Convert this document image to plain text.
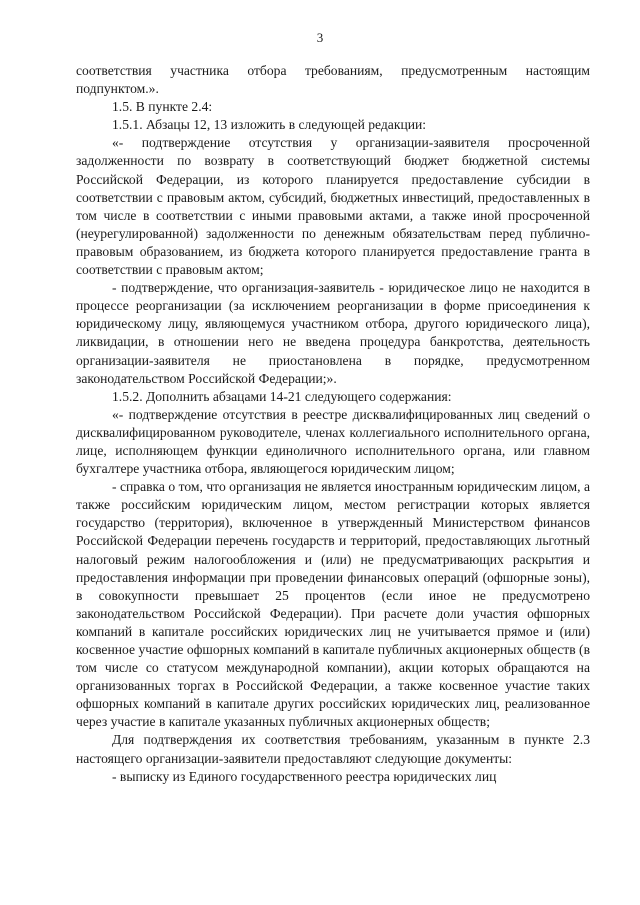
3

соответствия участника отбора требованиям, предусмотренным настоящим подпунктом.».

1.5. В пункте 2.4:

1.5.1. Абзацы 12, 13 изложить в следующей редакции:

«- подтверждение отсутствия у организации-заявителя просроченной задолженности по возврату в соответствующий бюджет бюджетной системы Российской Федерации, из которого планируется предоставление субсидии в соответствии с правовым актом, субсидий, бюджетных инвестиций, предоставленных в том числе в соответствии с иными правовыми актами, а также иной просроченной (неурегулированной) задолженности по денежным обязательствам перед публично-правовым образованием, из бюджета которого планируется предоставление гранта в соответствии с правовым актом;

- подтверждение, что организация-заявитель - юридическое лицо не находится в процессе реорганизации (за исключением реорганизации в форме присоединения к юридическому лицу, являющемуся участником отбора, другого юридического лица), ликвидации, в отношении него не введена процедура банкротства, деятельность организации-заявителя не приостановлена в порядке, предусмотренном законодательством Российской Федерации;».

1.5.2. Дополнить абзацами 14-21 следующего содержания:

«- подтверждение отсутствия в реестре дисквалифицированных лиц сведений о дисквалифицированном руководителе, членах коллегиального исполнительного органа, лице, исполняющем функции единоличного исполнительного органа, или главном бухгалтере участника отбора, являющегося юридическим лицом;

- справка о том, что организация не является иностранным юридическим лицом, а также российским юридическим лицом, местом регистрации которых является государство (территория), включенное в утвержденный Министерством финансов Российской Федерации перечень государств и территорий, предоставляющих льготный налоговый режим налогообложения и (или) не предусматривающих раскрытия и предоставления информации при проведении финансовых операций (офшорные зоны), в совокупности превышает 25 процентов (если иное не предусмотрено законодательством Российской Федерации). При расчете доли участия офшорных компаний в капитале российских юридических лиц не учитывается прямое и (или) косвенное участие офшорных компаний в капитале публичных акционерных обществ (в том числе со статусом международной компании), акции которых обращаются на организованных торгах в Российской Федерации, а также косвенное участие таких офшорных компаний в капитале других российских юридических лиц, реализованное через участие в капитале указанных публичных акционерных обществ;

Для подтверждения их соответствия требованиям, указанным в пункте 2.3 настоящего организации-заявители предоставляют следующие документы:

- выписку из Единого государственного реестра юридических лиц
